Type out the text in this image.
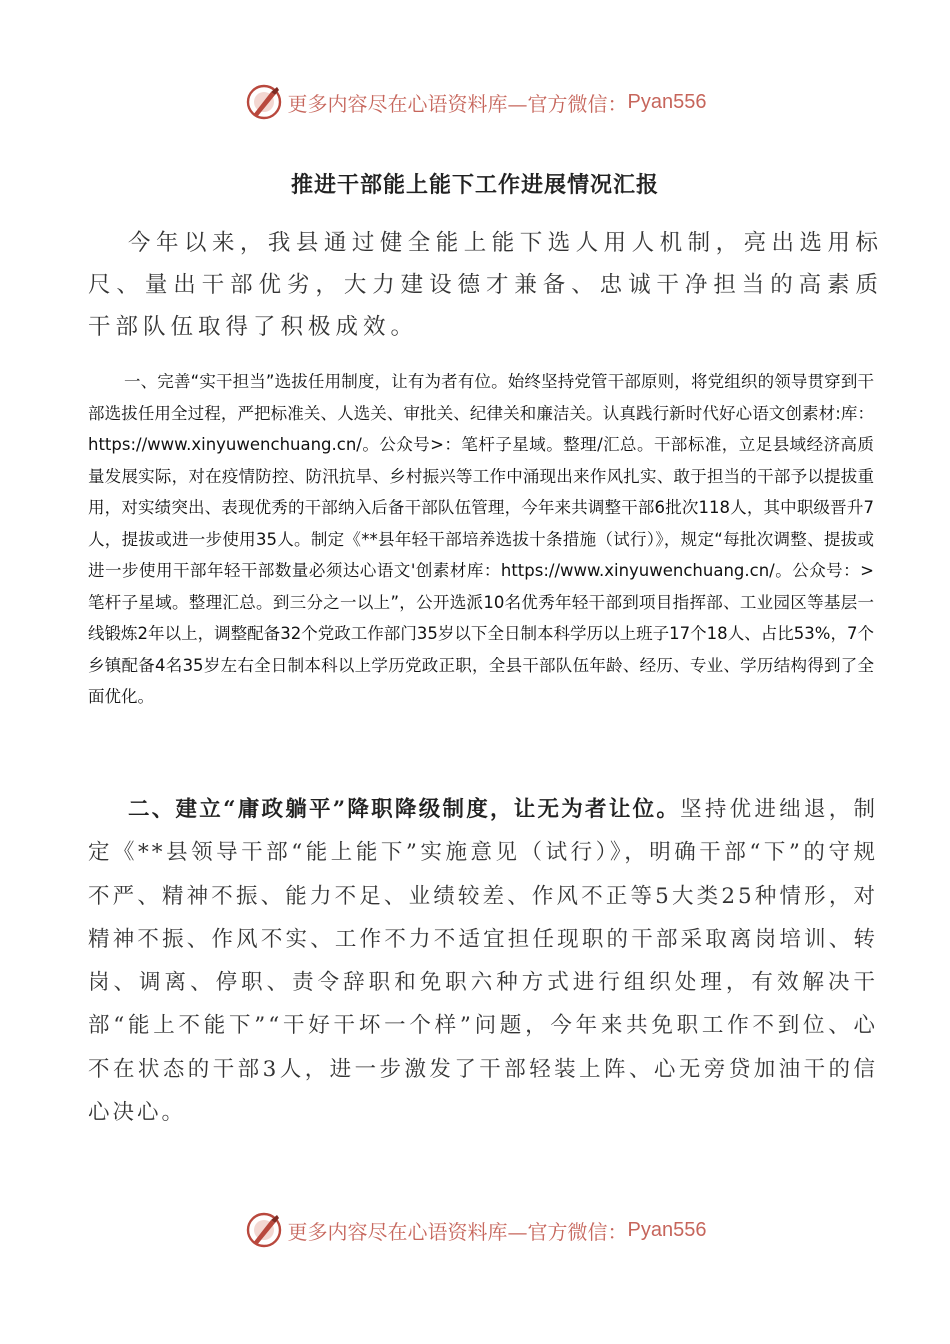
更多内容尽在心语资料库—官方微信： Pyan556
推进干部能上能下工作进展情况汇报

今年以来，我县通过健全能上能下选人用人机制，亮出选用标尺、量出干部优劣，大力建设德才兼备、忠诚干净担当的高素质干部队伍取得了积极成效。

一、完善“实干担当”选拔任用制度，让有为者有位。始终坚持党管干部原则，将党组织的领导贯穿到干部选拔任用全过程，严把标准关、人选关、审批关、纪律关和廉洁关。认真践行新时代好心语文创素材:库：https://www.xinyuwenchuang.cn/。公众号>：笔杆子星域。整理/汇总。干部标准，立足县域经济高质量发展实际，对在疫情防控、防汛抗旱、乡村振兴等工作中涌现出来作风扎实、敢于担当的干部予以提拔重用，对实绩突出、表现优秀的干部纳入后备干部队伍管理，今年来共调整干部6批次118人，其中职级晋升7人，提拔或进一步使用35人。制定《**县年轻干部培养选拔十条措施（试行）》，规定“每批次调整、提拔或进一步使用干部年轻干部数量必须达心语文'创素材库：https://www.xinyuwenchuang.cn/。公众号：>笔杆子星域。整理汇总。到三分之一以上”，公开选派10名优秀年轻干部到项目指挥部、工业园区等基层一线锻炼2年以上，调整配备32个党政工作部门35岁以下全日制本科学历以上班子17个18人、占比53%，7个乡镇配备4名35岁左右全日制本科以上学历党政正职，全县干部队伍年龄、经历、专业、学历结构得到了全面优化。

二、建立“庸政躺平”降职降级制度，让无为者让位。坚持优进绌退，制定《**县领导干部“能上能下”实施意见（试行）》，明确干部“下”的守规不严、精神不振、能力不足、业绩较差、作风不正等5大类25种情形，对精神不振、作风不实、工作不力不适宜担任现职的干部采取离岗培训、转岗、调离、停职、责令辞职和免职六种方式进行组织处理，有效解决干部“能上不能下”“干好干坏一个样”问题，今年来共免职工作不到位、心不在状态的干部3人，进一步激发了干部轻装上阵、心无旁贷加油干的信心决心。

更多内容尽在心语资料库—官方微信： Pyan556
